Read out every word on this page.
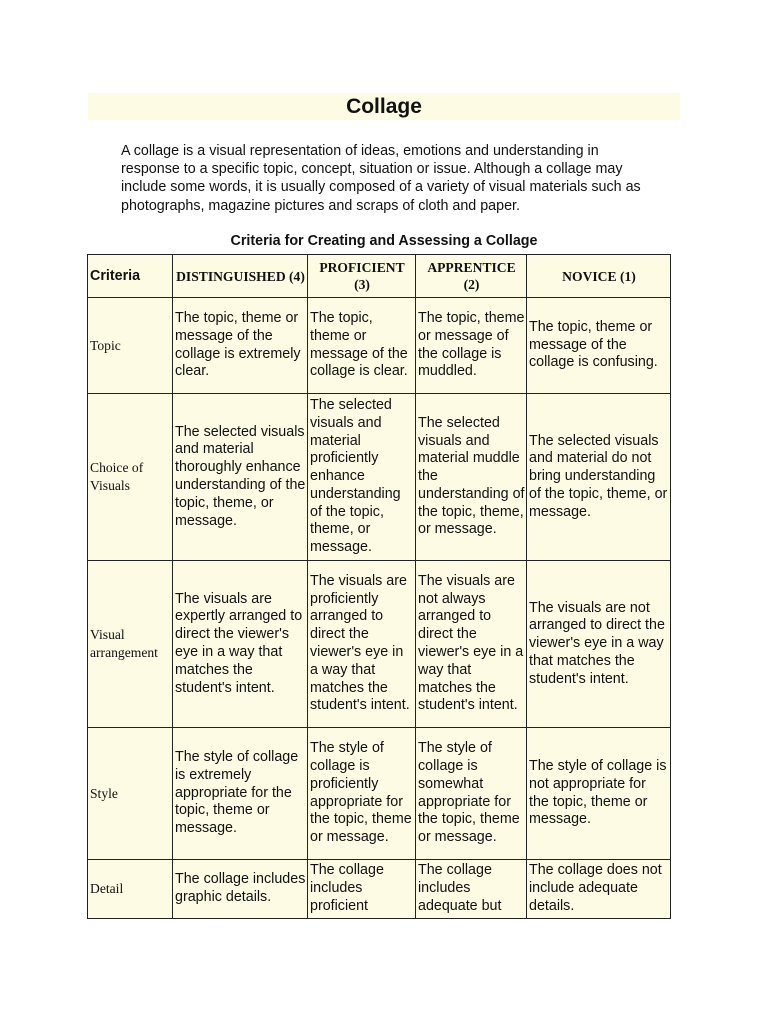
Collage
A collage is a visual representation of ideas, emotions and understanding in response to a specific topic, concept, situation or issue. Although a collage may include some words, it is usually composed of a variety of visual materials such as photographs, magazine pictures and scraps of cloth and paper.
Criteria for Creating and Assessing a Collage
Criteria	DISTINGUISHED (4)	PROFICIENT (3)	APPRENTICE (2)	NOVICE (1)
Topic	The topic, theme or message of the collage is extremely clear.	The topic, theme or message of the collage is clear.	The topic, theme or message of the collage is muddled.	The topic, theme or message of the collage is confusing.
Choice of Visuals	The selected visuals and material thoroughly enhance understanding of the topic, theme, or message.	The selected visuals and material proficiently enhance understanding of the topic, theme, or message.	The selected visuals and material muddle the understanding of the topic, theme, or message.	The selected visuals and material do not bring understanding of the topic, theme, or message.
Visual arrangement	The visuals are expertly arranged to direct the viewer's eye in a way that matches the student's intent.	The visuals are proficiently arranged to direct the viewer's eye in a way that matches the student's intent.	The visuals are not always arranged to direct the viewer's eye in a way that matches the student's intent.	The visuals are not arranged to direct the viewer's eye in a way that matches the student's intent.
Style	The style of collage is extremely appropriate for the topic, theme or message.	The style of collage is proficiently appropriate for the topic, theme or message.	The style of collage is somewhat appropriate for the topic, theme or message.	The style of collage is not appropriate for the topic, theme or message.
Detail	The collage includes graphic details.	The collage includes proficient	The collage includes adequate but	The collage does not include adequate details.
